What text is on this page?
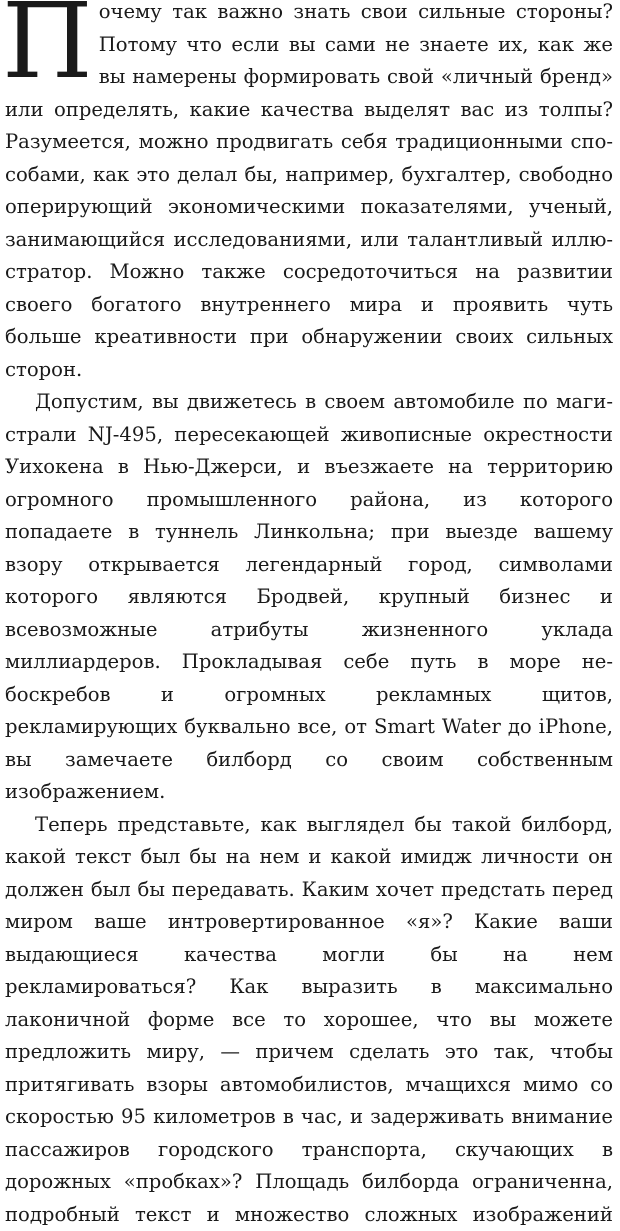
Почему так важно знать свои сильные стороны? Потому что если вы сами не знаете их, как же вы намерены формировать свой «личный бренд» или определять, какие качества выделят вас из толпы? Разумеется, можно продвигать себя традиционными способами, как это делал бы, например, бухгалтер, свободно оперирующий экономическими показателями, ученый, занимающийся исследованиями, или талантливый иллюстратор. Можно также сосредоточиться на развитии своего богатого внутреннего мира и проявить чуть больше креативности при обнаружении своих сильных сторон.

Допустим, вы движетесь в своем автомобиле по магистрали NJ-495, пересекающей живописные окрестности Уихокена в Нью-Джерси, и въезжаете на территорию огромного промышленного района, из которого попадаете в туннель Линкольна; при выезде вашему взору открывается легендарный город, символами которого являются Бродвей, крупный бизнес и всевозможные атрибуты жизненного уклада миллиардеров. Прокладывая себе путь в море небоскребов и огромных рекламных щитов, рекламирующих буквально все, от Smart Water до iPhone, вы замечаете билборд со своим собственным изображением.

Теперь представьте, как выглядел бы такой билборд, какой текст был бы на нем и какой имидж личности он должен был бы передавать. Каким хочет предстать перед миром ваше интровертированное «я»? Какие ваши выдающиеся качества могли бы на нем рекламироваться? Как выразить в максимально лаконичной форме все то хорошее, что вы можете предложить миру, — причем сделать это так, чтобы притягивать взоры автомобилистов, мчащихся мимо со скоростью 95 километров в час, и задерживать внимание пассажиров городского транспорта, скучающих в дорожных «пробках»? Площадь билборда ограниченна, подробный текст и множество сложных изображений
